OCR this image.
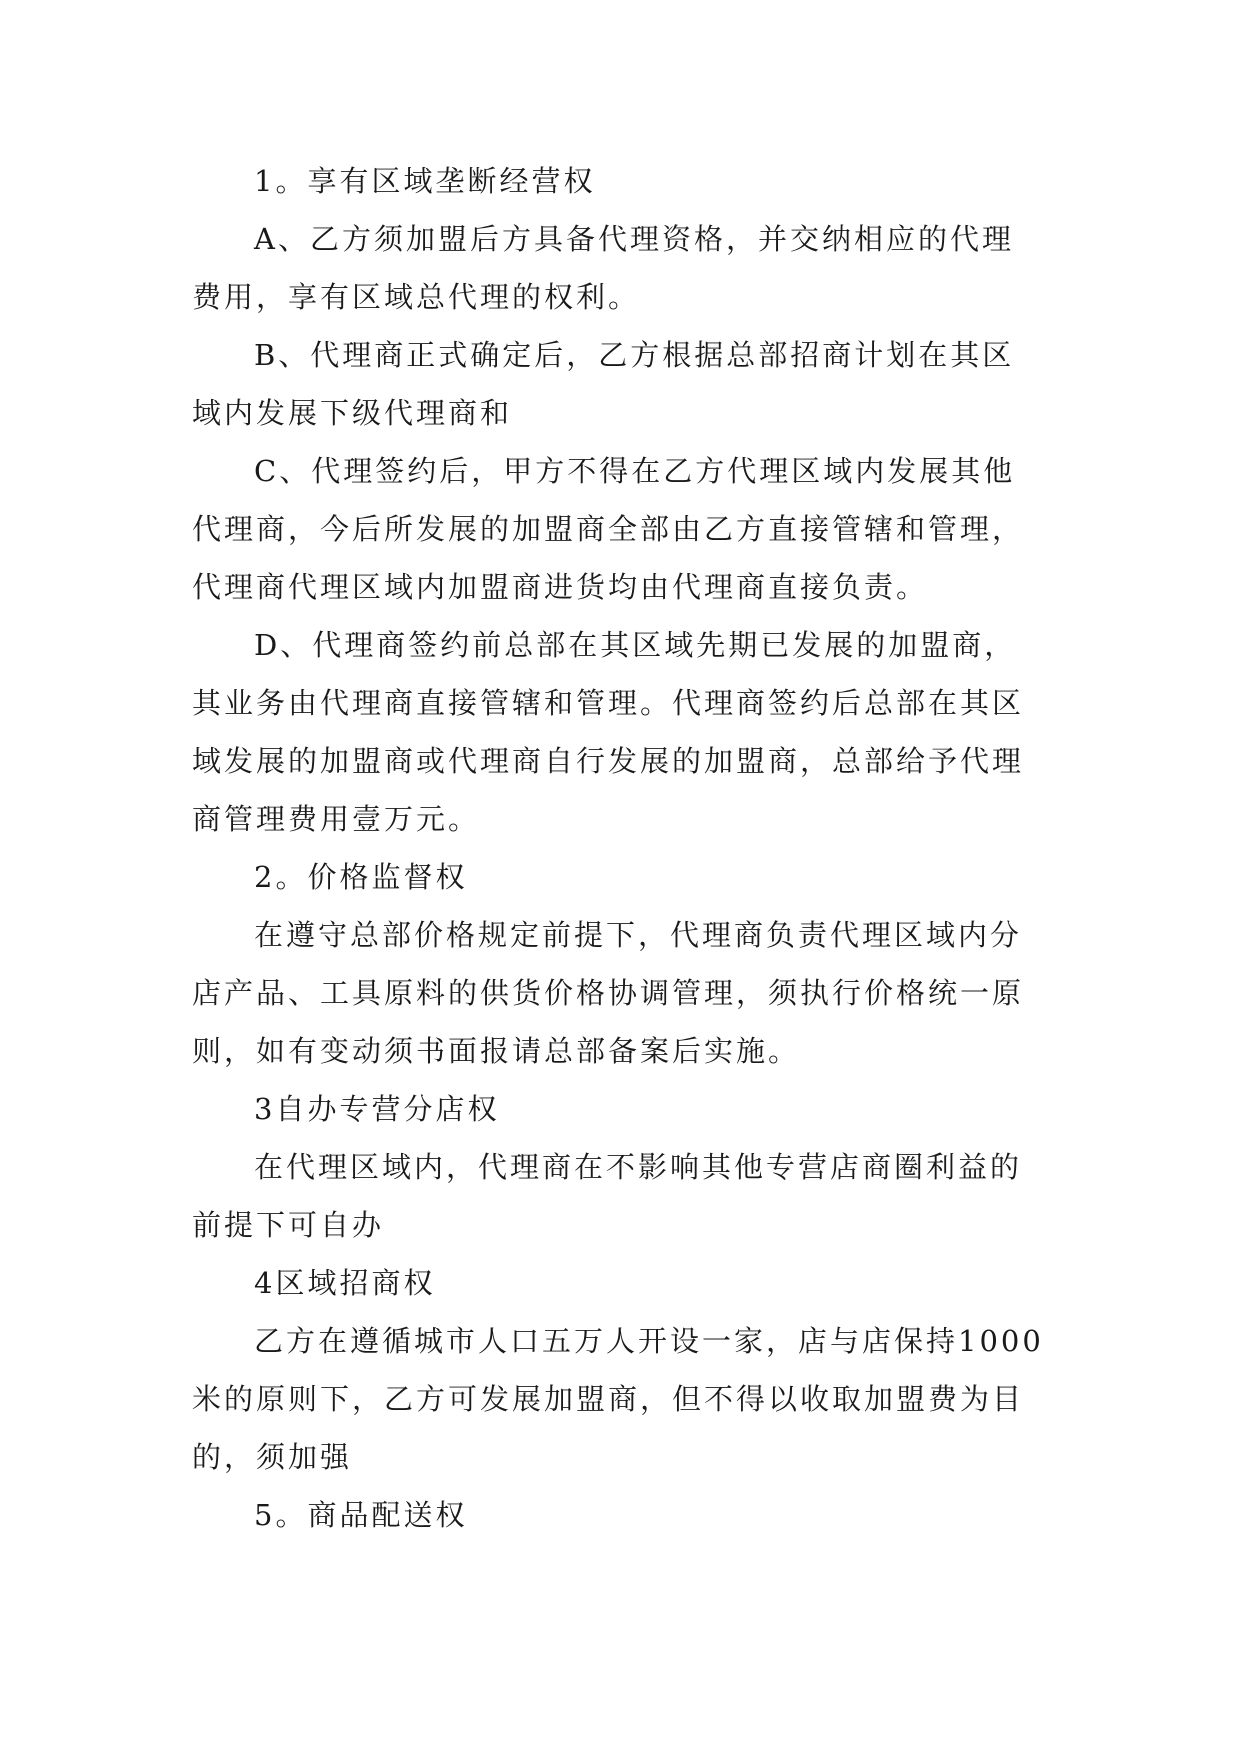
1。享有区域垄断经营权
A、乙方须加盟后方具备代理资格，并交纳相应的代理
费用，享有区域总代理的权利。
B、代理商正式确定后，乙方根据总部招商计划在其区
域内发展下级代理商和
C、代理签约后，甲方不得在乙方代理区域内发展其他
代理商，今后所发展的加盟商全部由乙方直接管辖和管理，
代理商代理区域内加盟商进货均由代理商直接负责。
D、代理商签约前总部在其区域先期已发展的加盟商，
其业务由代理商直接管辖和管理。代理商签约后总部在其区
域发展的加盟商或代理商自行发展的加盟商，总部给予代理
商管理费用壹万元。
2。价格监督权
在遵守总部价格规定前提下，代理商负责代理区域内分
店产品、工具原料的供货价格协调管理，须执行价格统一原
则，如有变动须书面报请总部备案后实施。
3自办专营分店权
在代理区域内，代理商在不影响其他专营店商圈利益的
前提下可自办
4区域招商权
乙方在遵循城市人口五万人开设一家，店与店保持1000
米的原则下，乙方可发展加盟商，但不得以收取加盟费为目
的，须加强
5。商品配送权
